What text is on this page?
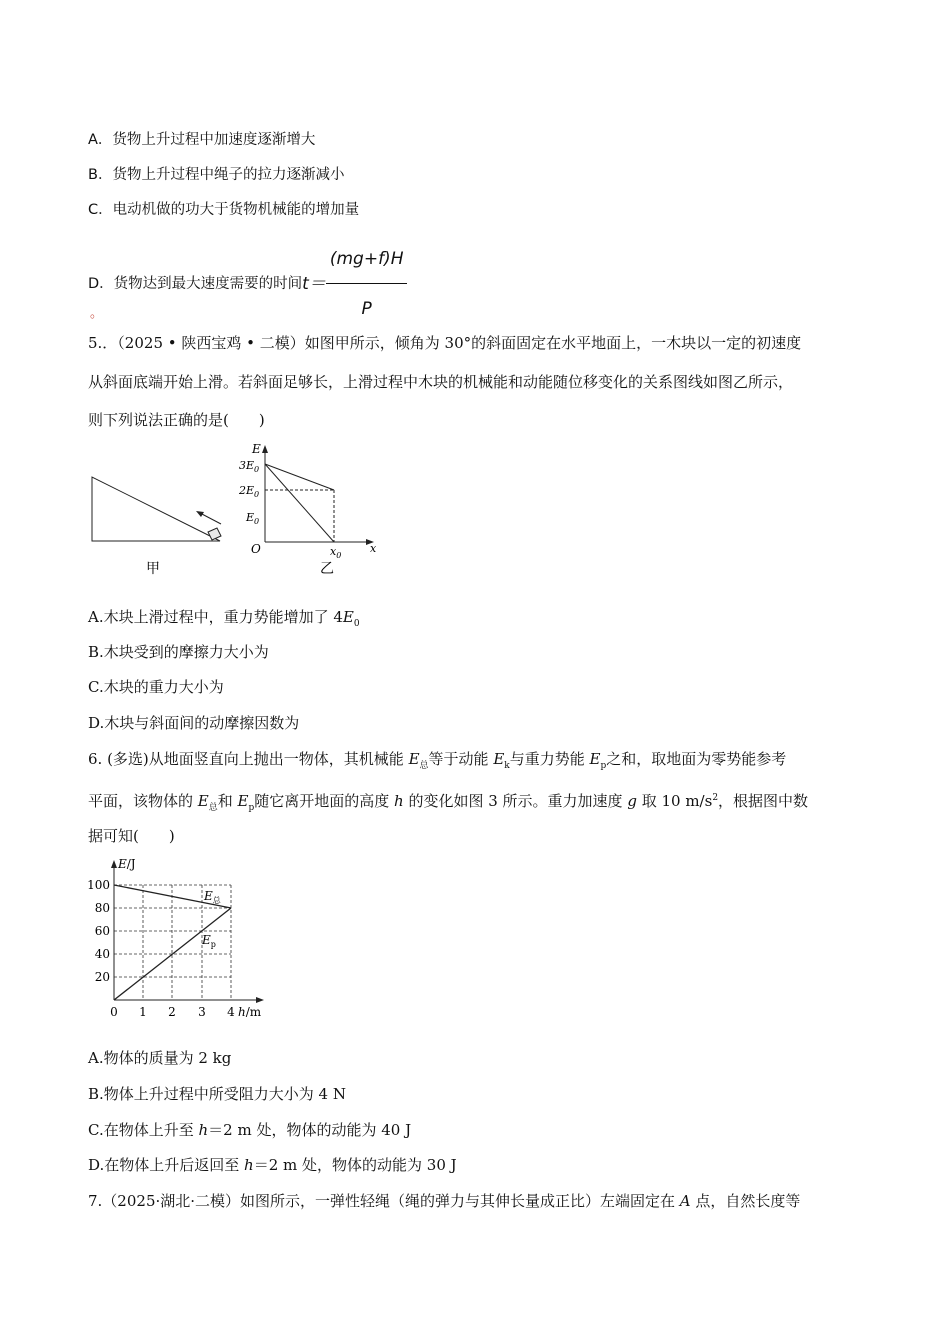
A．货物上升过程中加速度逐渐增大
B．货物上升过程中绳子的拉力逐渐减小
C．电动机做的功大于货物机械能的增加量
D．货物达到最大速度需要的时间$t= \frac{(mg+f)H}{P}$
。
5.．（2025 • 陕西宝鸡 • 二模）如图甲所示，倾角为 30°的斜面固定在水平地面上，一木块以一定的初速度
从斜面底端开始上滑。若斜面足够长，上滑过程中木块的机械能和动能随位移变化的关系图线如图乙所示，
则下列说法正确的是(　　)
甲
E
x
O
$3E_0$
$2E_0$
$E_0$
$x_0$
乙
A.木块上滑过程中，重力势能增加了 $4E_0$
B.木块受到的摩擦力大小为
C.木块的重力大小为
D.木块与斜面间的动摩擦因数为
6. (多选)从地面竖直向上抛出一物体，其机械能 $E_总$等于动能 $E_k$与重力势能 $E_p$之和，取地面为零势能参考
平面，该物体的 $E_总$和 $E_p$随它离开地面的高度 h 的变化如图 3 所示。重力加速度 g 取 10 $m/s^2$，根据图中数
据可知(　　)
E/J
h/m
100
80
60
40
20
0 1 2 3 4
$E_总$
$E_p$
A.物体的质量为 2 kg
B.物体上升过程中所受阻力大小为 4 N
C.在物体上升至 h＝2 m 处，物体的动能为 40 J
D.在物体上升后返回至 h＝2 m 处，物体的动能为 30 J
7.（2025·湖北·二模）如图所示，一弹性轻绳（绳的弹力与其伸长量成正比）左端固定在 A 点，自然长度等
